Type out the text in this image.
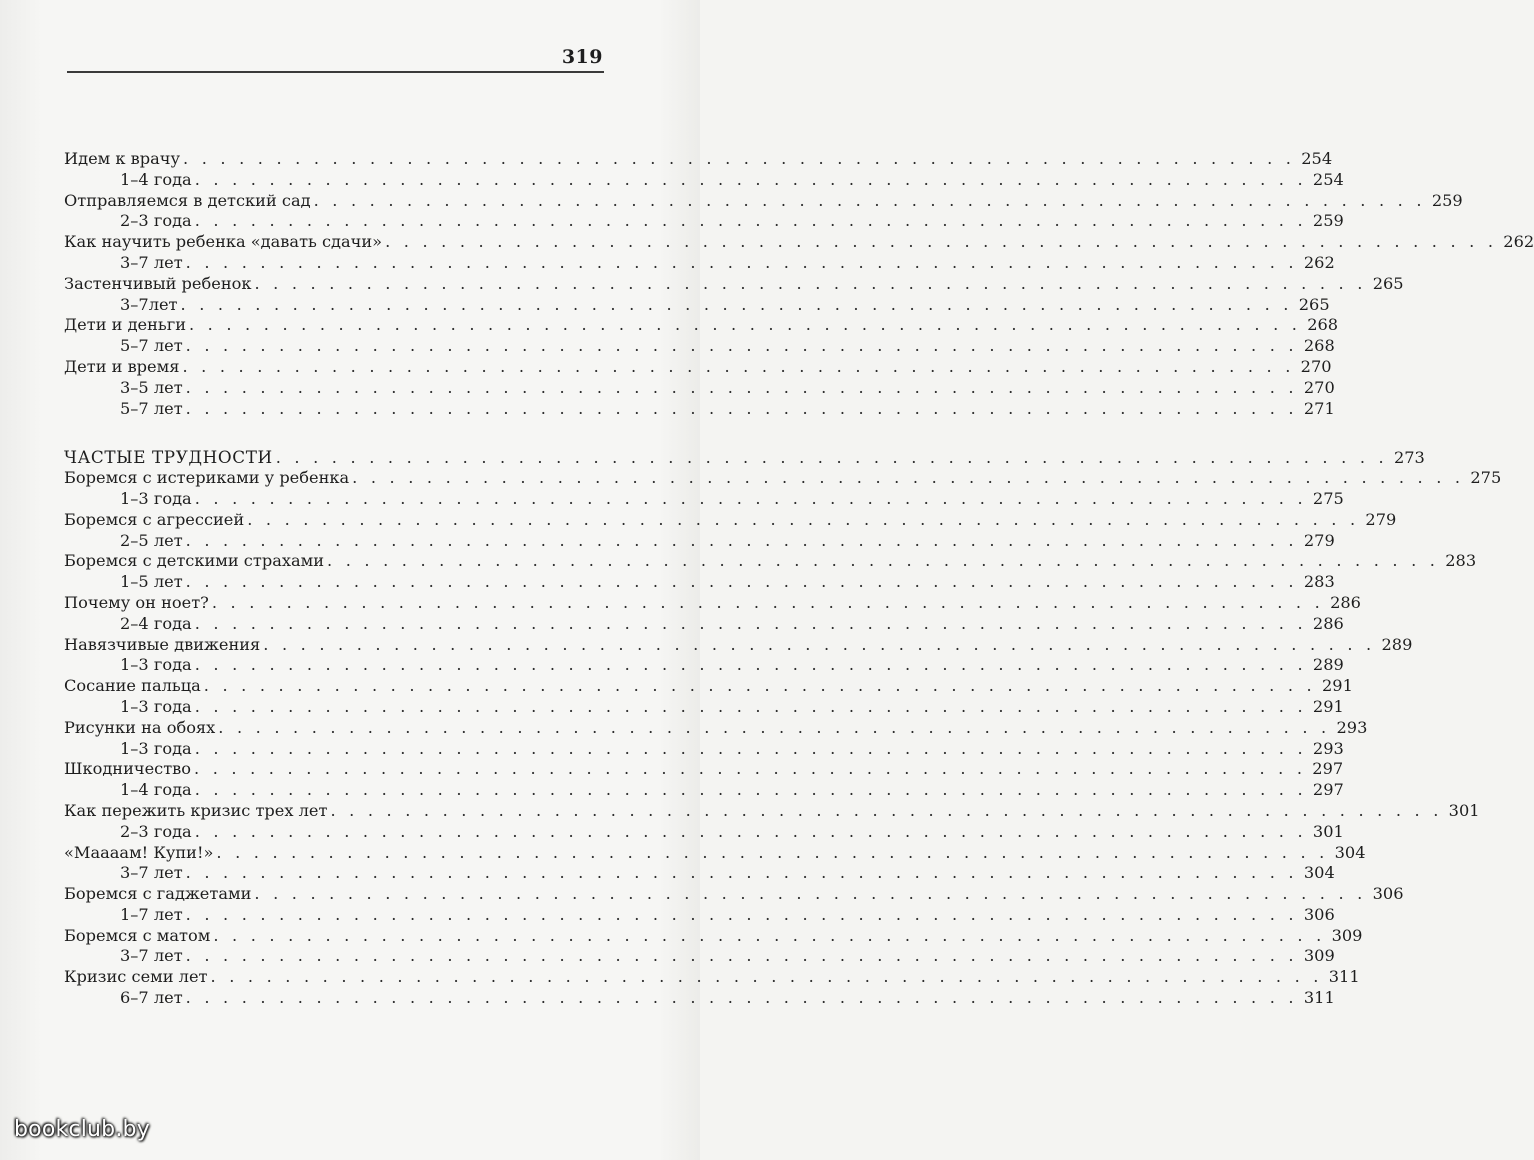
319
Идем к врачу . . . . . . . . . . . . . . . . . . . . . . . . . . . . . . . . . . . . . . . . . . . . . . . . . . . . . . . . . . . . 254
1–4 года . . . . . . . . . . . . . . . . . . . . . . . . . . . . . . . . . . . . . . . . . . . . . . . . . . . . . . . . . . . . 254
Отправляемся в детский сад . . . . . . . . . . . . . . . . . . . . . . . . . . . . . . . . . . . . . . . . . . . . . . . . . . . . . . . . . . . . 259
2–3 года . . . . . . . . . . . . . . . . . . . . . . . . . . . . . . . . . . . . . . . . . . . . . . . . . . . . . . . . . . . . 259
Как научить ребенка «давать сдачи» . . . . . . . . . . . . . . . . . . . . . . . . . . . . . . . . . . . . . . . . . . . . . . . . . . . . . . . . . . . . 262
3–7 лет . . . . . . . . . . . . . . . . . . . . . . . . . . . . . . . . . . . . . . . . . . . . . . . . . . . . . . . . . . . . 262
Застенчивый ребенок . . . . . . . . . . . . . . . . . . . . . . . . . . . . . . . . . . . . . . . . . . . . . . . . . . . . . . . . . . . . 265
3–7лет . . . . . . . . . . . . . . . . . . . . . . . . . . . . . . . . . . . . . . . . . . . . . . . . . . . . . . . . . . . . 265
Дети и деньги . . . . . . . . . . . . . . . . . . . . . . . . . . . . . . . . . . . . . . . . . . . . . . . . . . . . . . . . . . . . 268
5–7 лет . . . . . . . . . . . . . . . . . . . . . . . . . . . . . . . . . . . . . . . . . . . . . . . . . . . . . . . . . . . . 268
Дети и время . . . . . . . . . . . . . . . . . . . . . . . . . . . . . . . . . . . . . . . . . . . . . . . . . . . . . . . . . . . . 270
3–5 лет . . . . . . . . . . . . . . . . . . . . . . . . . . . . . . . . . . . . . . . . . . . . . . . . . . . . . . . . . . . . 270
5–7 лет . . . . . . . . . . . . . . . . . . . . . . . . . . . . . . . . . . . . . . . . . . . . . . . . . . . . . . . . . . . . 271
ЧАСТЫЕ ТРУДНОСТИ . . . . . . . . . . . . . . . . . . . . . . . . . . . . . . . . . . . . . . . . . . . . . . . . . . . . . . . . . . . . 273
Боремся с истериками у ребенка . . . . . . . . . . . . . . . . . . . . . . . . . . . . . . . . . . . . . . . . . . . . . . . . . . . . . . . . . . . . 275
1–3 года . . . . . . . . . . . . . . . . . . . . . . . . . . . . . . . . . . . . . . . . . . . . . . . . . . . . . . . . . . . . 275
Боремся с агрессией . . . . . . . . . . . . . . . . . . . . . . . . . . . . . . . . . . . . . . . . . . . . . . . . . . . . . . . . . . . . 279
2–5 лет . . . . . . . . . . . . . . . . . . . . . . . . . . . . . . . . . . . . . . . . . . . . . . . . . . . . . . . . . . . . 279
Боремся с детскими страхами . . . . . . . . . . . . . . . . . . . . . . . . . . . . . . . . . . . . . . . . . . . . . . . . . . . . . . . . . . . . 283
1–5 лет . . . . . . . . . . . . . . . . . . . . . . . . . . . . . . . . . . . . . . . . . . . . . . . . . . . . . . . . . . . . 283
Почему он ноет? . . . . . . . . . . . . . . . . . . . . . . . . . . . . . . . . . . . . . . . . . . . . . . . . . . . . . . . . . . . . 286
2–4 года . . . . . . . . . . . . . . . . . . . . . . . . . . . . . . . . . . . . . . . . . . . . . . . . . . . . . . . . . . . . 286
Навязчивые движения . . . . . . . . . . . . . . . . . . . . . . . . . . . . . . . . . . . . . . . . . . . . . . . . . . . . . . . . . . . . 289
1–3 года . . . . . . . . . . . . . . . . . . . . . . . . . . . . . . . . . . . . . . . . . . . . . . . . . . . . . . . . . . . . 289
Сосание пальца . . . . . . . . . . . . . . . . . . . . . . . . . . . . . . . . . . . . . . . . . . . . . . . . . . . . . . . . . . . . 291
1–3 года . . . . . . . . . . . . . . . . . . . . . . . . . . . . . . . . . . . . . . . . . . . . . . . . . . . . . . . . . . . . 291
Рисунки на обоях . . . . . . . . . . . . . . . . . . . . . . . . . . . . . . . . . . . . . . . . . . . . . . . . . . . . . . . . . . . . 293
1–3 года . . . . . . . . . . . . . . . . . . . . . . . . . . . . . . . . . . . . . . . . . . . . . . . . . . . . . . . . . . . . 293
Шкодничество . . . . . . . . . . . . . . . . . . . . . . . . . . . . . . . . . . . . . . . . . . . . . . . . . . . . . . . . . . . . 297
1–4 года . . . . . . . . . . . . . . . . . . . . . . . . . . . . . . . . . . . . . . . . . . . . . . . . . . . . . . . . . . . . 297
Как пережить кризис трех лет . . . . . . . . . . . . . . . . . . . . . . . . . . . . . . . . . . . . . . . . . . . . . . . . . . . . . . . . . . . . 301
2–3 года . . . . . . . . . . . . . . . . . . . . . . . . . . . . . . . . . . . . . . . . . . . . . . . . . . . . . . . . . . . . 301
«Маааам! Купи!» . . . . . . . . . . . . . . . . . . . . . . . . . . . . . . . . . . . . . . . . . . . . . . . . . . . . . . . . . . . . 304
3–7 лет . . . . . . . . . . . . . . . . . . . . . . . . . . . . . . . . . . . . . . . . . . . . . . . . . . . . . . . . . . . . 304
Боремся с гаджетами . . . . . . . . . . . . . . . . . . . . . . . . . . . . . . . . . . . . . . . . . . . . . . . . . . . . . . . . . . . . 306
1–7 лет . . . . . . . . . . . . . . . . . . . . . . . . . . . . . . . . . . . . . . . . . . . . . . . . . . . . . . . . . . . . 306
Боремся с матом . . . . . . . . . . . . . . . . . . . . . . . . . . . . . . . . . . . . . . . . . . . . . . . . . . . . . . . . . . . . 309
3–7 лет . . . . . . . . . . . . . . . . . . . . . . . . . . . . . . . . . . . . . . . . . . . . . . . . . . . . . . . . . . . . 309
Кризис семи лет . . . . . . . . . . . . . . . . . . . . . . . . . . . . . . . . . . . . . . . . . . . . . . . . . . . . . . . . . . . . 311
6–7 лет . . . . . . . . . . . . . . . . . . . . . . . . . . . . . . . . . . . . . . . . . . . . . . . . . . . . . . . . . . . . 311
bookclub.by
